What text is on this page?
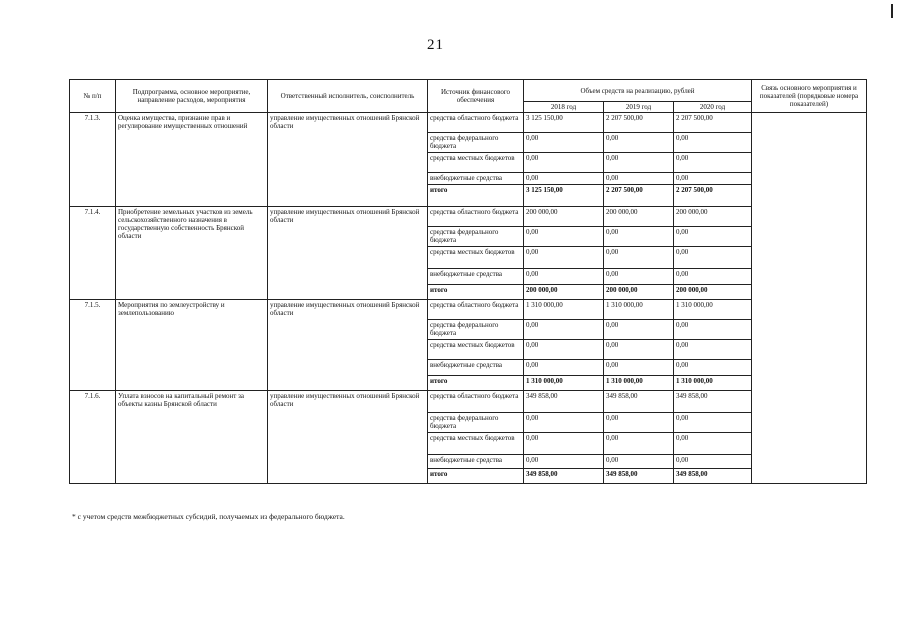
21
№ п/п	Подпрограмма, основное мероприятие, направление расходов, мероприятия	Ответственный исполнитель, соисполнитель	Источник финансового обеспечения	Объем средств на реализацию, рублей			Связь основного мероприятия и показателей (порядковые номера показателей)
				2018 год	2019 год	2020 год	
7.1.3.	Оценка имущества, признание прав и регулирование имущественных отношений	управление имущественных отношений Брянской области	средства областного бюджета	3 125 150,00	2 207 500,00	2 207 500,00	
			средства федерального бюджета	0,00	0,00	0,00	
			средства местных бюджетов	0,00	0,00	0,00	
			внебюджетные средства	0,00	0,00	0,00	
			итого	3 125 150,00	2 207 500,00	2 207 500,00	
7.1.4.	Приобретение земельных участков из земель сельскохозяйственного назначения в государственную собственность Брянской области	управление имущественных отношений Брянской области	средства областного бюджета	200 000,00	200 000,00	200 000,00	
			средства федерального бюджета	0,00	0,00	0,00	
			средства местных бюджетов	0,00	0,00	0,00	
			внебюджетные средства	0,00	0,00	0,00	
			итого	200 000,00	200 000,00	200 000,00	
7.1.5.	Мероприятия по землеустройству и землепользованию	управление имущественных отношений Брянской области	средства областного бюджета	1 310 000,00	1 310 000,00	1 310 000,00	
			средства федерального бюджета	0,00	0,00	0,00	
			средства местных бюджетов	0,00	0,00	0,00	
			внебюджетные средства	0,00	0,00	0,00	
			итого	1 310 000,00	1 310 000,00	1 310 000,00	
7.1.6.	Уплата взносов на капитальный ремонт за объекты казны Брянской области	управление имущественных отношений Брянской области	средства областного бюджета	349 858,00	349 858,00	349 858,00	
			средства федерального бюджета	0,00	0,00	0,00	
			средства местных бюджетов	0,00	0,00	0,00	
			внебюджетные средства	0,00	0,00	0,00	
			итого	349 858,00	349 858,00	349 858,00	
* с учетом средств межбюджетных субсидий, получаемых из федерального бюджета.
